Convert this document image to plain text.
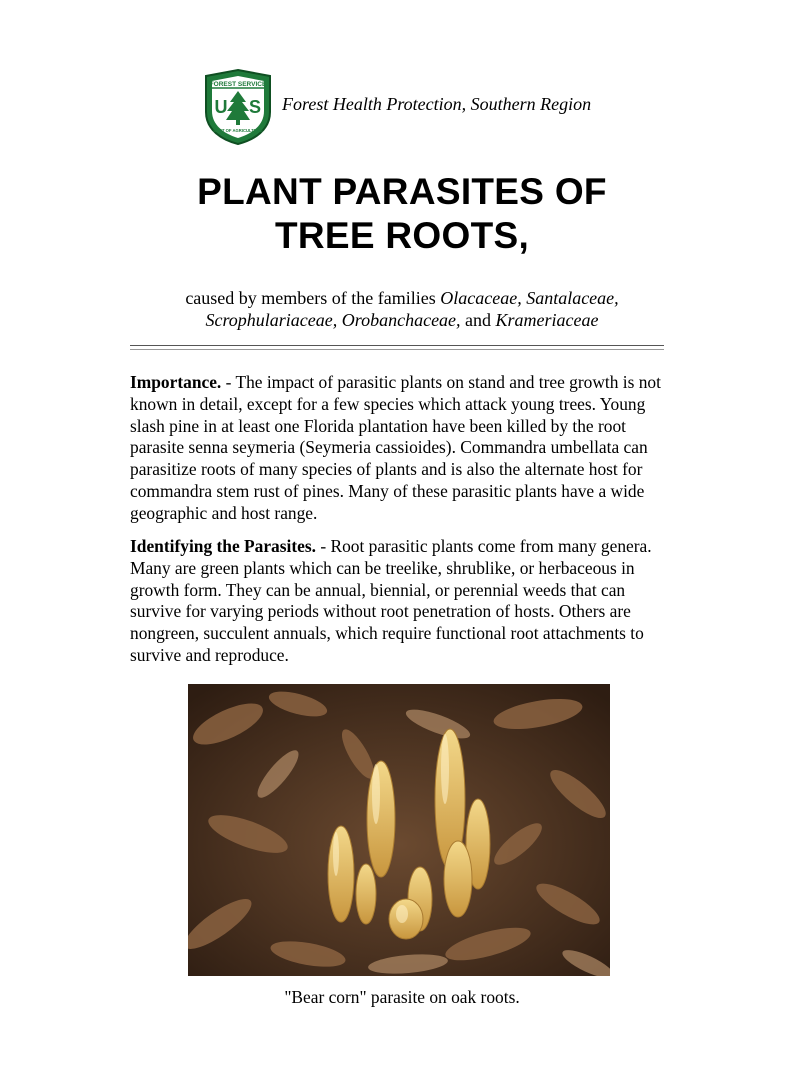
FOREST SERVICE
U S
DEPT OF AGRICULTURE
Forest Health Protection, Southern Region
PLANT PARASITES OF
TREE ROOTS,
caused by members of the families Olacaceae, Santalaceae,
Scrophulariaceae, Orobanchaceae, and Krameriaceae
Importance. - The impact of parasitic plants on stand and tree growth is not known in detail, except for a few species which attack young trees. Young slash pine in at least one Florida plantation have been killed by the root parasite senna seymeria (Seymeria cassioides). Commandra umbellata can parasitize roots of many species of plants and is also the alternate host for commandra stem rust of pines. Many of these parasitic plants have a wide geographic and host range.
Identifying the Parasites. - Root parasitic plants come from many genera. Many are green plants which can be treelike, shrublike, or herbaceous in growth form. They can be annual, biennial, or perennial weeds that can survive for varying periods without root penetration of hosts. Others are nongreen, succulent annuals, which require functional root attachments to survive and reproduce.
"Bear corn" parasite on oak roots.
